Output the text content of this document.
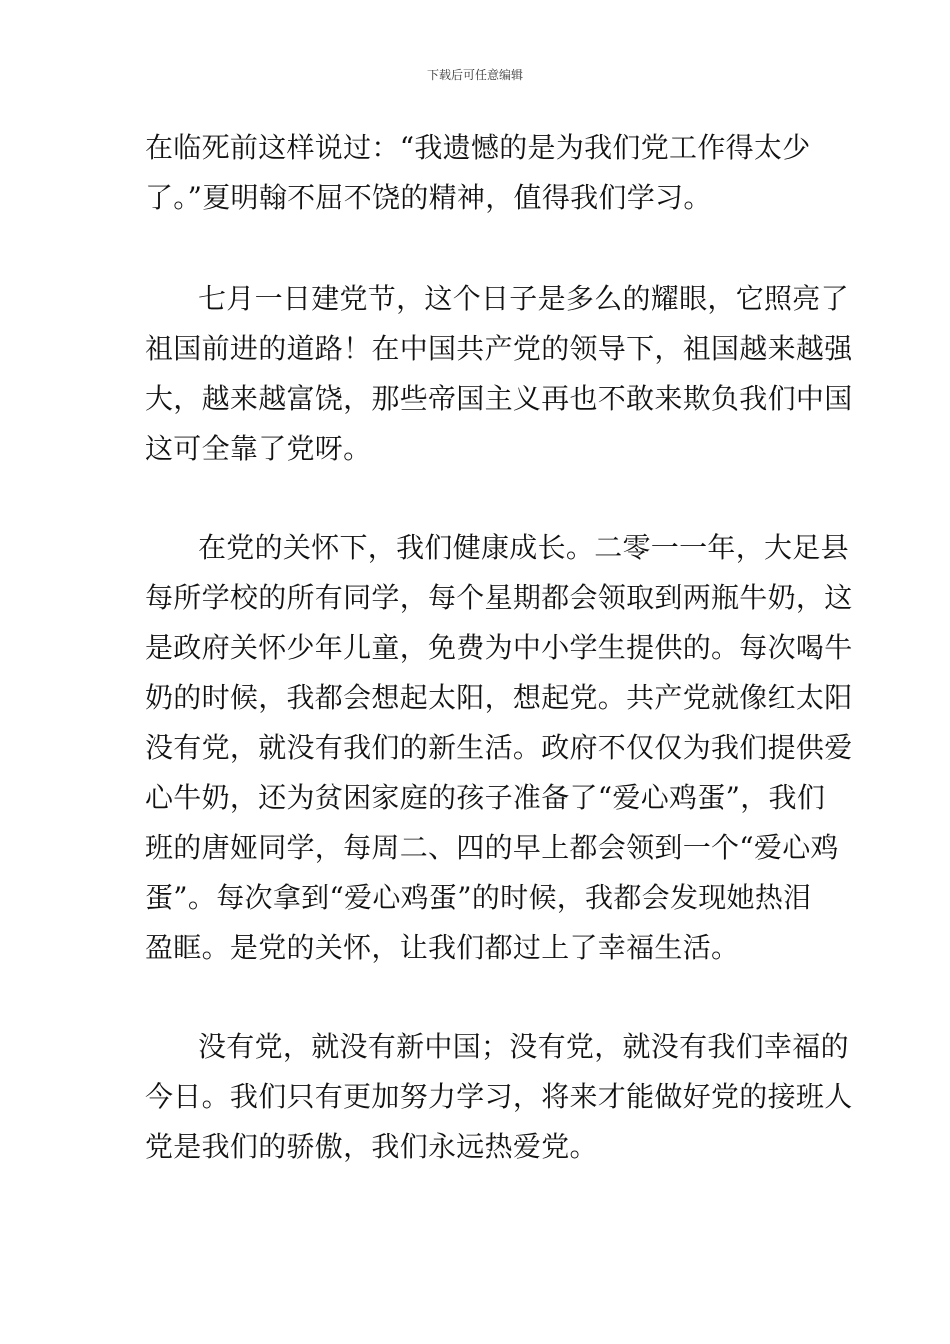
下载后可任意编辑
在临死前这样说过：“我遗憾的是为我们党工作得太少
了。”夏明翰不屈不饶的精神，值得我们学习。
七月一日建党节，这个日子是多么的耀眼，它照亮了
祖国前进的道路！在中国共产党的领导下，祖国越来越强
大，越来越富饶，那些帝国主义再也不敢来欺负我们中国
这可全靠了党呀。
在党的关怀下，我们健康成长。二零一一年，大足县
每所学校的所有同学，每个星期都会领取到两瓶牛奶，这
是政府关怀少年儿童，免费为中小学生提供的。每次喝牛
奶的时候，我都会想起太阳，想起党。共产党就像红太阳
没有党，就没有我们的新生活。政府不仅仅为我们提供爱
心牛奶，还为贫困家庭的孩子准备了“爱心鸡蛋”，我们
班的唐娅同学，每周二、四的早上都会领到一个“爱心鸡
蛋”。每次拿到“爱心鸡蛋”的时候，我都会发现她热泪
盈眶。是党的关怀，让我们都过上了幸福生活。
没有党，就没有新中国；没有党，就没有我们幸福的
今日。我们只有更加努力学习，将来才能做好党的接班人
党是我们的骄傲，我们永远热爱党。
